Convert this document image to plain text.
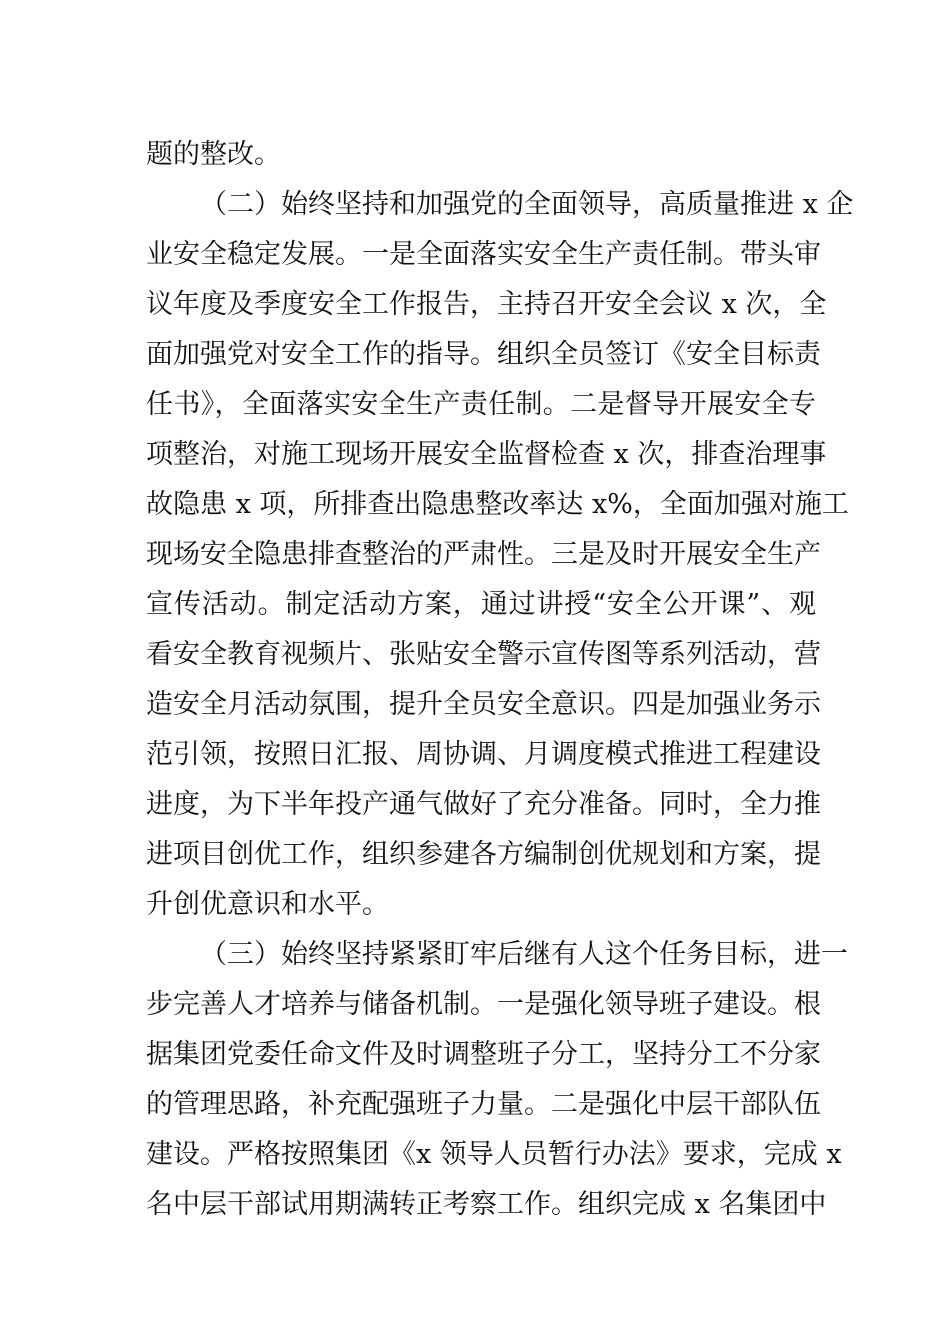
题的整改。
（二）始终坚持和加强党的全面领导，高质量推进 x 企
业安全稳定发展。一是全面落实安全生产责任制。带头审
议年度及季度安全工作报告，主持召开安全会议 x 次，全
面加强党对安全工作的指导。组织全员签订《安全目标责
任书》，全面落实安全生产责任制。二是督导开展安全专
项整治，对施工现场开展安全监督检查 x 次，排查治理事
故隐患 x 项，所排查出隐患整改率达 x%，全面加强对施工
现场安全隐患排查整治的严肃性。三是及时开展安全生产
宣传活动。制定活动方案，通过讲授“安全公开课”、观
看安全教育视频片、张贴安全警示宣传图等系列活动，营
造安全月活动氛围，提升全员安全意识。四是加强业务示
范引领，按照日汇报、周协调、月调度模式推进工程建设
进度，为下半年投产通气做好了充分准备。同时，全力推
进项目创优工作，组织参建各方编制创优规划和方案，提
升创优意识和水平。
（三）始终坚持紧紧盯牢后继有人这个任务目标，进一
步完善人才培养与储备机制。一是强化领导班子建设。根
据集团党委任命文件及时调整班子分工，坚持分工不分家
的管理思路，补充配强班子力量。二是强化中层干部队伍
建设。严格按照集团《x 领导人员暂行办法》要求，完成 x
名中层干部试用期满转正考察工作。组织完成 x 名集团中
